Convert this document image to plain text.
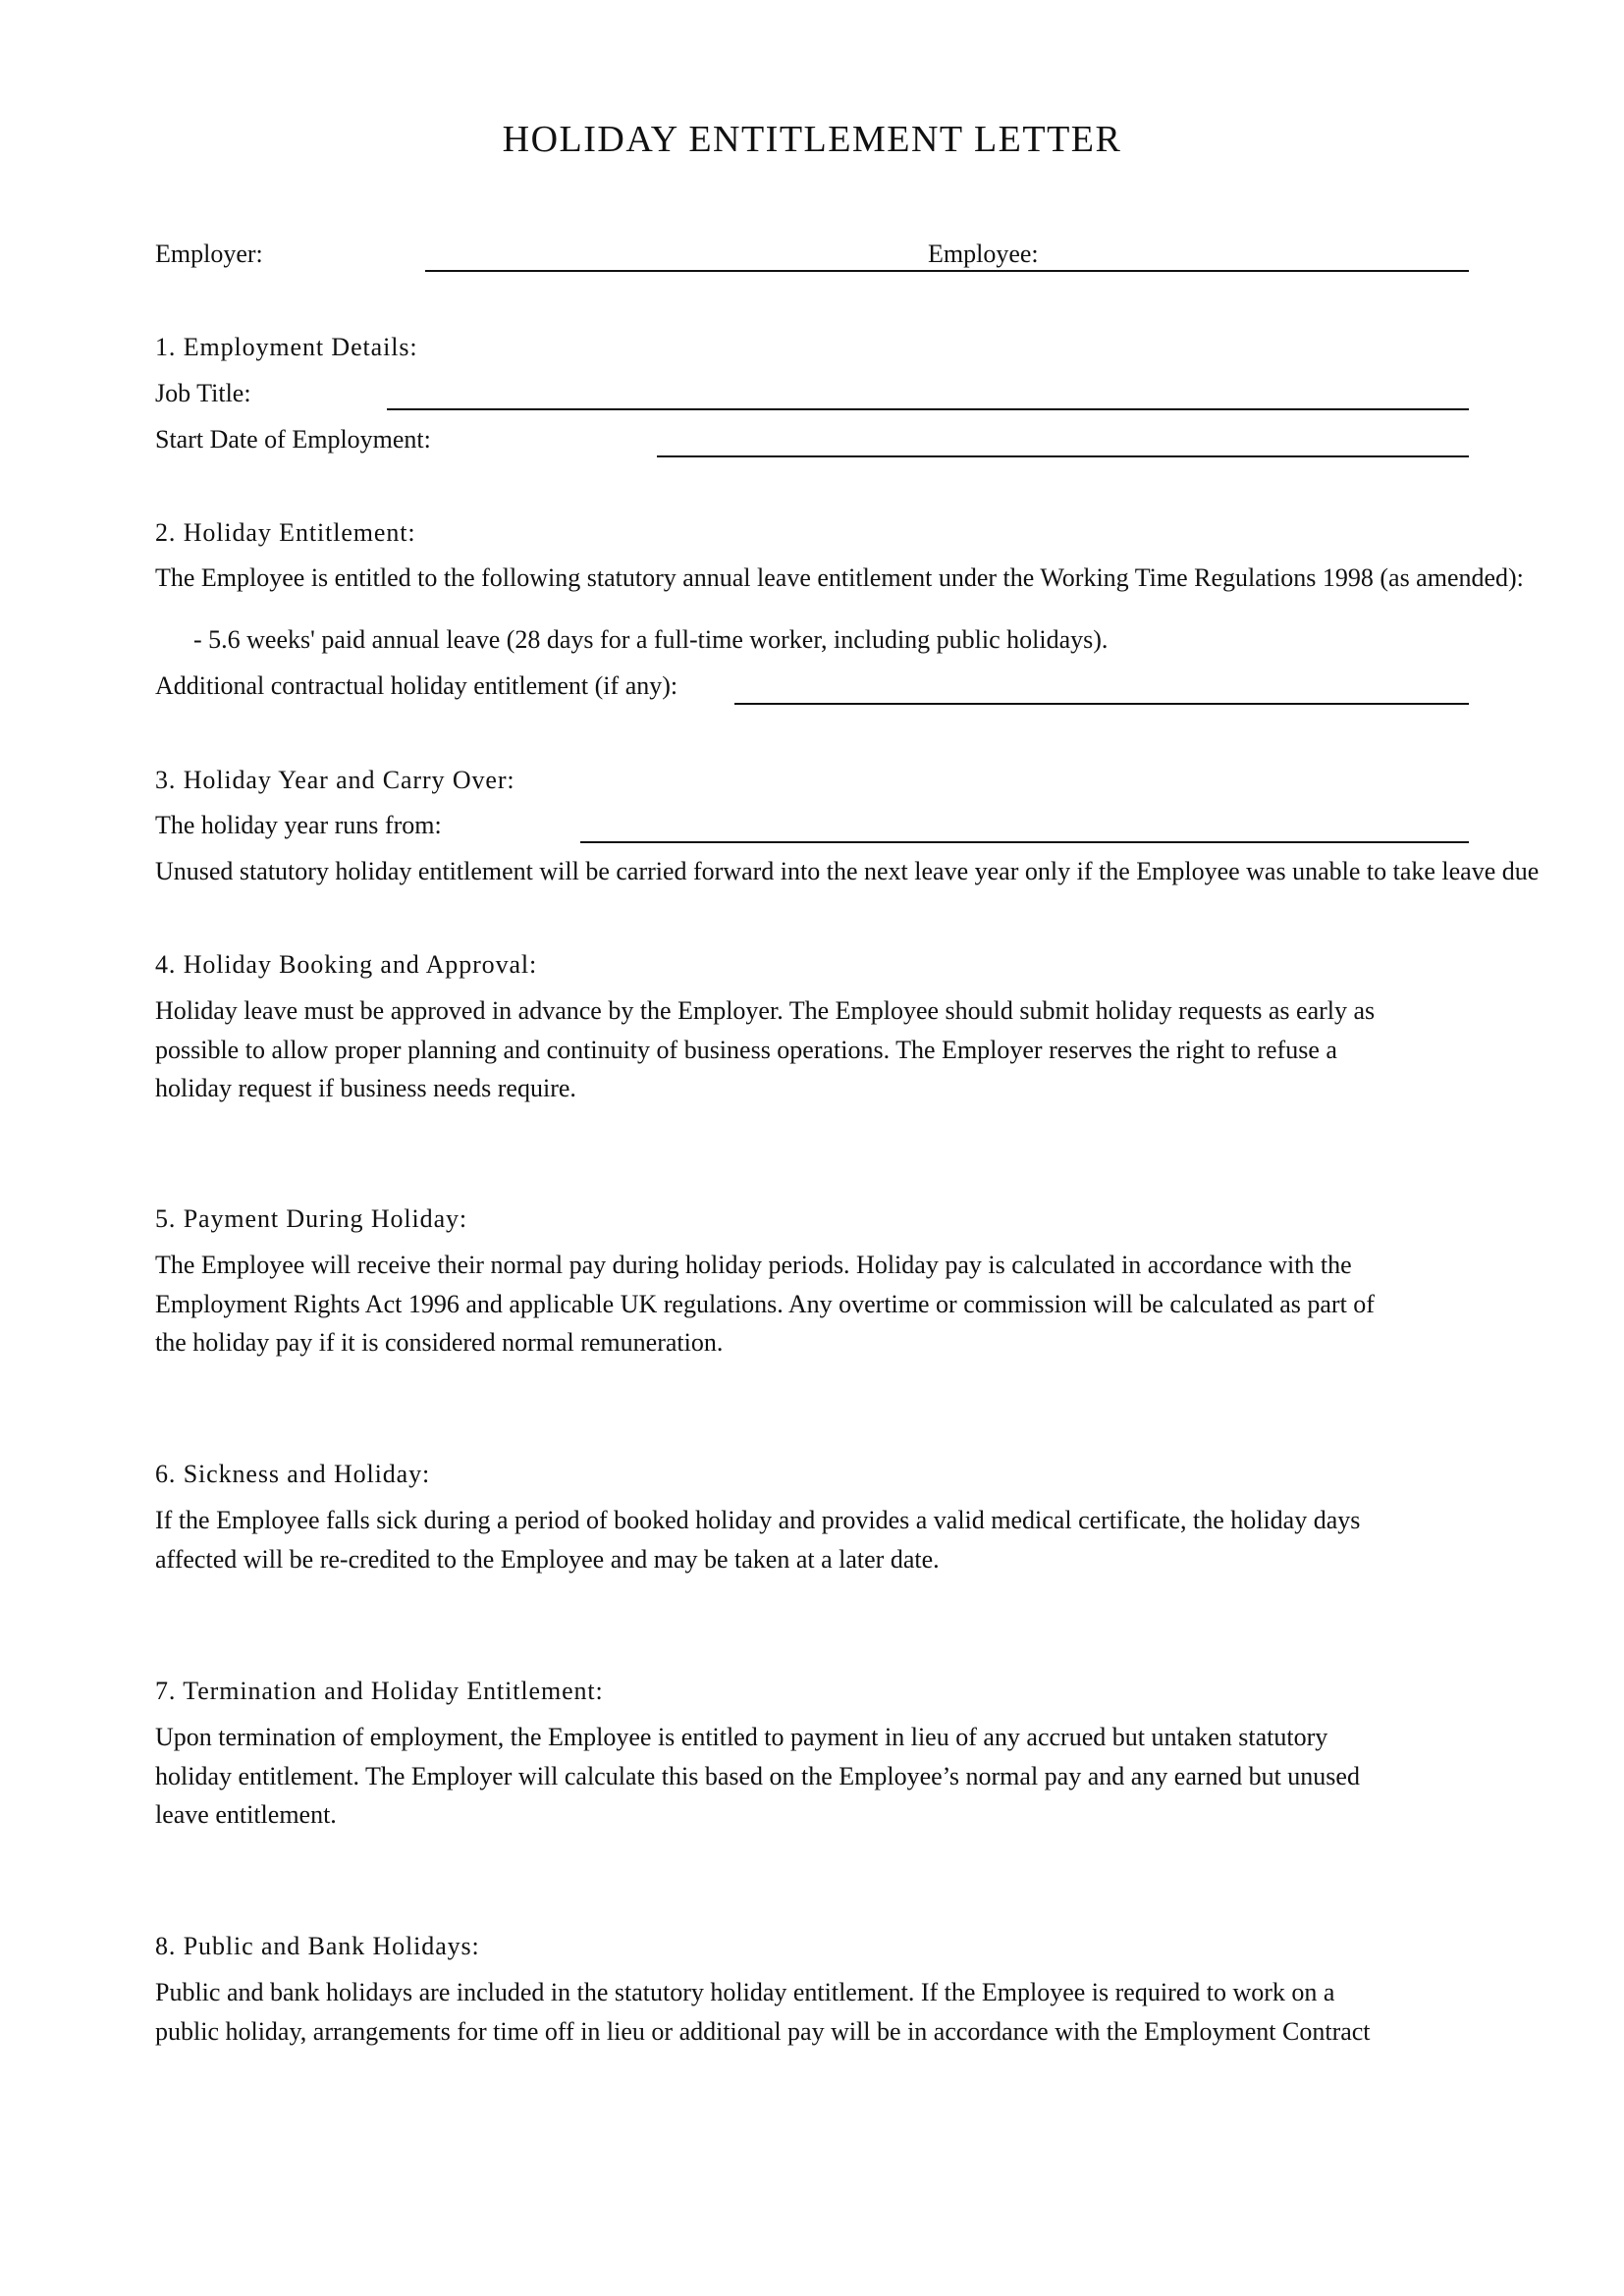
HOLIDAY ENTITLEMENT LETTER
Employer:	Employee:
1. Employment Details:
Job Title:
Start Date of Employment:
2. Holiday Entitlement:
The Employee is entitled to the following statutory annual leave entitlement under the Working Time Regulations 1998 (as amended):
- 5.6 weeks' paid annual leave (28 days for a full-time worker, including public holidays).
Additional contractual holiday entitlement (if any):
3. Holiday Year and Carry Over:
The holiday year runs from:
Unused statutory holiday entitlement will be carried forward into the next leave year only if the Employee was unable to take leave due
4. Holiday Booking and Approval:
Holiday leave must be approved in advance by the Employer. The Employee should submit holiday requests as early as
possible to allow proper planning and continuity of business operations. The Employer reserves the right to refuse a
holiday request if business needs require.
5. Payment During Holiday:
The Employee will receive their normal pay during holiday periods. Holiday pay is calculated in accordance with the
Employment Rights Act 1996 and applicable UK regulations. Any overtime or commission will be calculated as part of
the holiday pay if it is considered normal remuneration.
6. Sickness and Holiday:
If the Employee falls sick during a period of booked holiday and provides a valid medical certificate, the holiday days
affected will be re-credited to the Employee and may be taken at a later date.
7. Termination and Holiday Entitlement:
Upon termination of employment, the Employee is entitled to payment in lieu of any accrued but untaken statutory
holiday entitlement. The Employer will calculate this based on the Employee’s normal pay and any earned but unused
leave entitlement.
8. Public and Bank Holidays:
Public and bank holidays are included in the statutory holiday entitlement. If the Employee is required to work on a
public holiday, arrangements for time off in lieu or additional pay will be in accordance with the Employment Contract
